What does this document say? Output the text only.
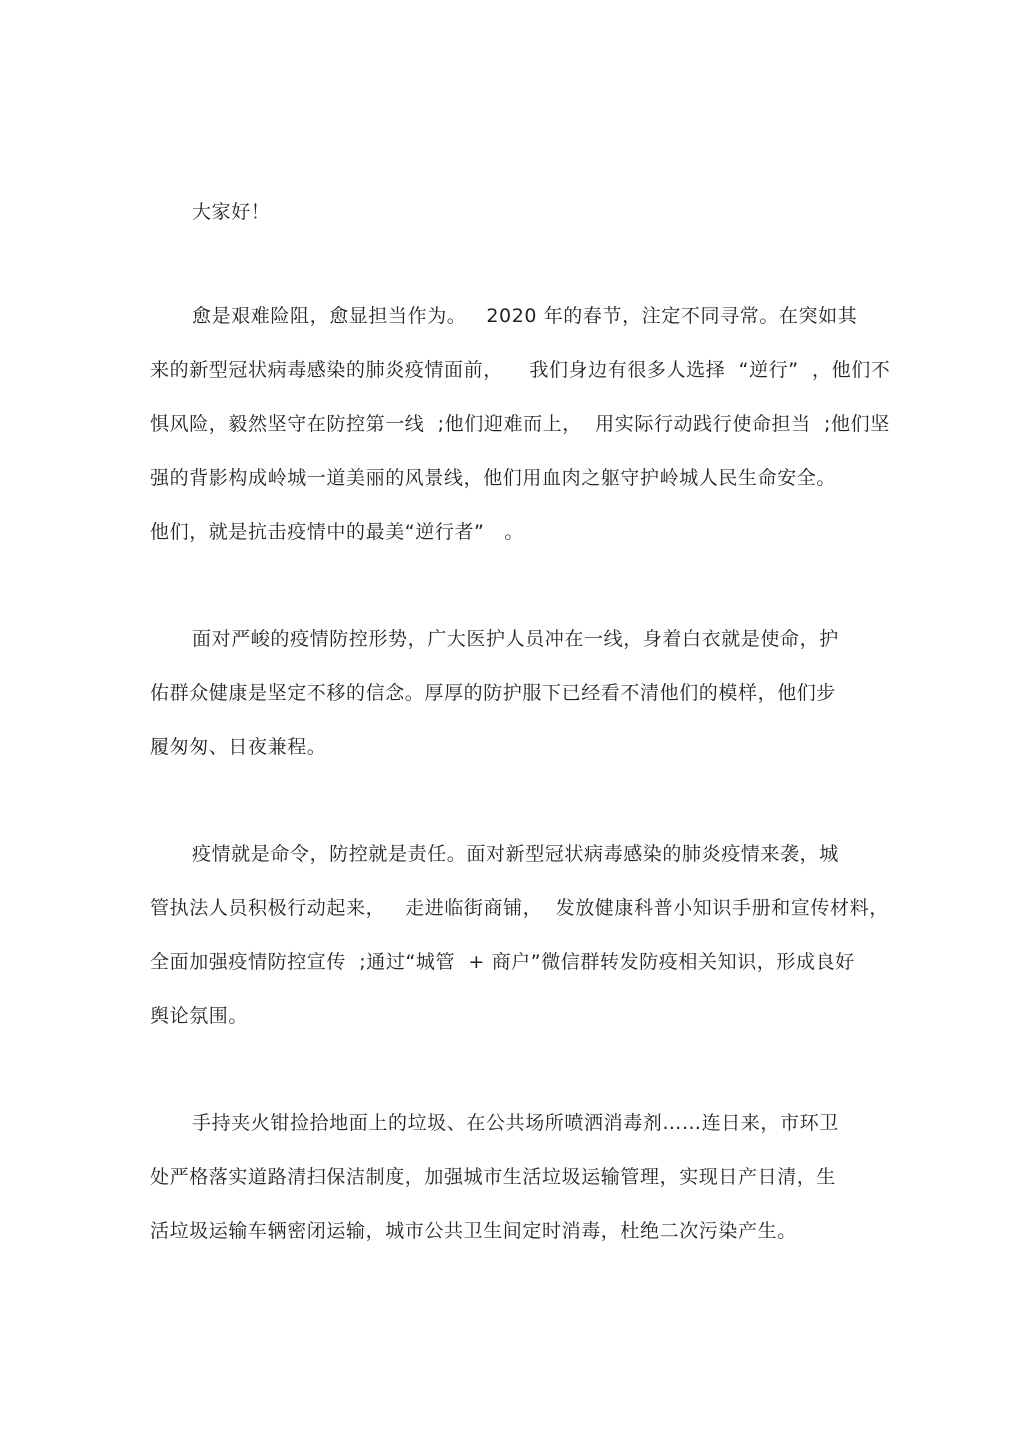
大家好！
愈是艰难险阻，愈显担当作为。   2020 年的春节，注定不同寻常。在突如其
来的新型冠状病毒感染的肺炎疫情面前，    我们身边有很多人选择  “逆行”  ，他们不
惧风险，毅然坚守在防控第一线  ;他们迎难而上，  用实际行动践行使命担当  ;他们坚
强的背影构成岭城一道美丽的风景线，他们用血肉之躯守护岭城人民生命安全。
他们，就是抗击疫情中的最美“逆行者”   。
面对严峻的疫情防控形势，广大医护人员冲在一线，身着白衣就是使命，护
佑群众健康是坚定不移的信念。厚厚的防护服下已经看不清他们的模样，他们步
履匆匆、日夜兼程。
疫情就是命令，防控就是责任。面对新型冠状病毒感染的肺炎疫情来袭，城
管执法人员积极行动起来，   走进临街商铺，  发放健康科普小知识手册和宣传材料，
全面加强疫情防控宣传  ;通过“城管  + 商户”微信群转发防疫相关知识，形成良好
舆论氛围。
手持夹火钳捡拾地面上的垃圾、在公共场所喷洒消毒剂……连日来，市环卫
处严格落实道路清扫保洁制度，加强城市生活垃圾运输管理，实现日产日清，生
活垃圾运输车辆密闭运输，城市公共卫生间定时消毒，杜绝二次污染产生。
